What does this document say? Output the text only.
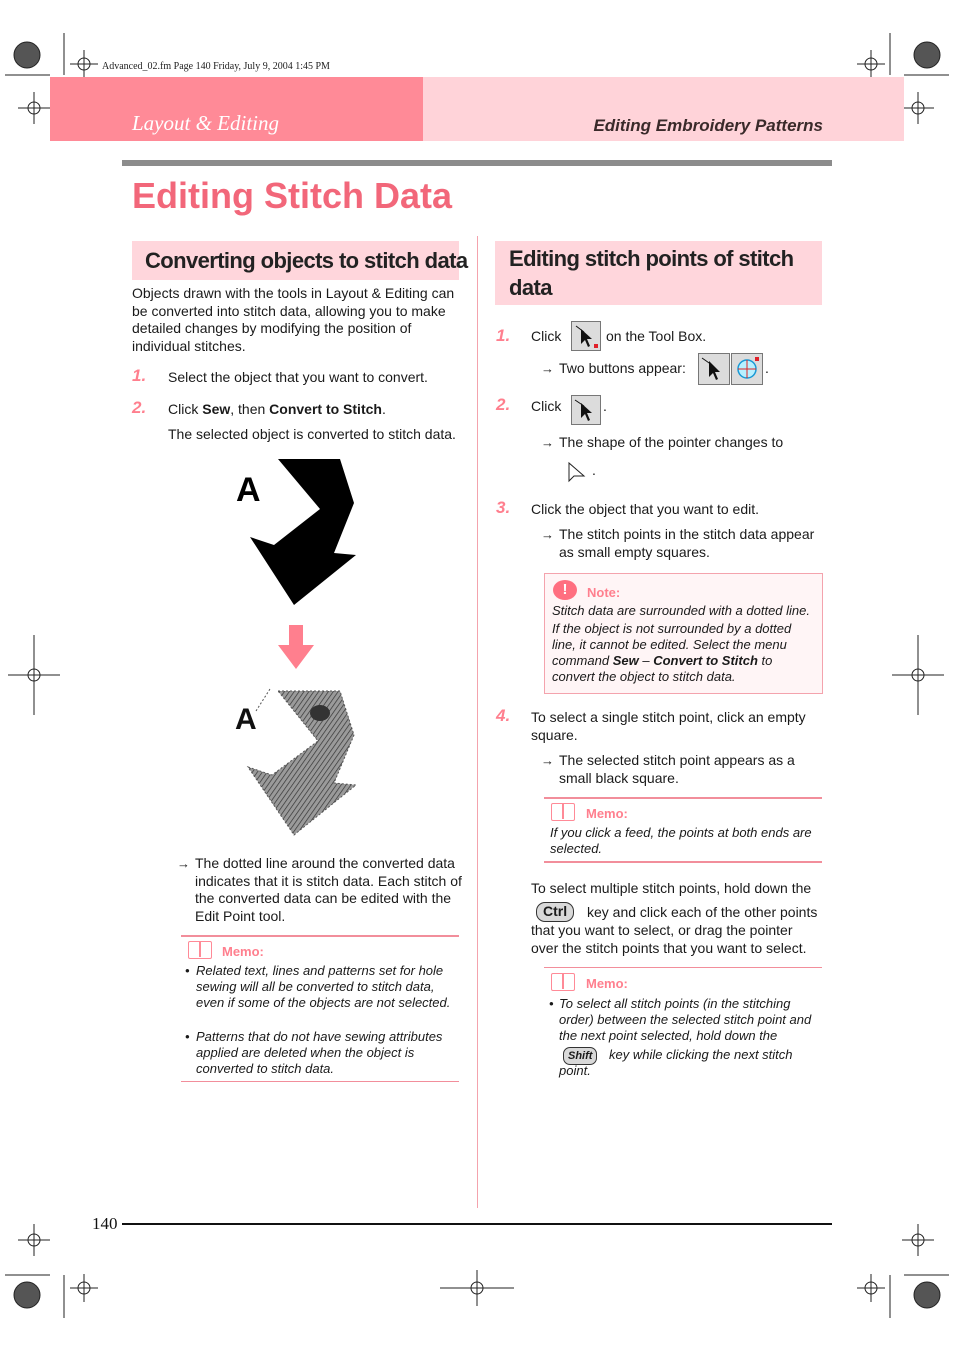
Advanced_02.fm Page 140 Friday, July 9, 2004 1:45 PM
Layout & Editing	Editing Embroidery Patterns
Editing Stitch Data
Converting objects to stitch data
Objects drawn with the tools in Layout & Editing can be converted into stitch data, allowing you to make detailed changes by modifying the position of individual stitches.
1. Select the object that you want to convert.
2. Click Sew, then Convert to Stitch.
The selected object is converted to stitch data.
A
A
→ The dotted line around the converted data indicates that it is stitch data. Each stitch of the converted data can be edited with the Edit Point tool.
Memo:
• Related text, lines and patterns set for hole sewing will all be converted to stitch data, even if some of the objects are not selected.
• Patterns that do not have sewing attributes applied are deleted when the object is converted to stitch data.
Editing stitch points of stitch data
1. Click	on the Tool Box.
→ Two buttons appear:	.
2. Click	.
→ The shape of the pointer changes to
.
3. Click the object that you want to edit.
→ The stitch points in the stitch data appear as small empty squares.
!	Note:
Stitch data are surrounded with a dotted line.
If the object is not surrounded by a dotted line, it cannot be edited. Select the menu command Sew – Convert to Stitch to convert the object to stitch data.
4. To select a single stitch point, click an empty square.
→ The selected stitch point appears as a small black square.
Memo:
If you click a feed, the points at both ends are selected.
To select multiple stitch points, hold down the
Ctrl	key and click each of the other points
that you want to select, or drag the pointer over the stitch points that you want to select.
Memo:
• To select all stitch points (in the stitching order) between the selected stitch point and the next point selected, hold down the
Shift	key while clicking the next stitch point.
140
